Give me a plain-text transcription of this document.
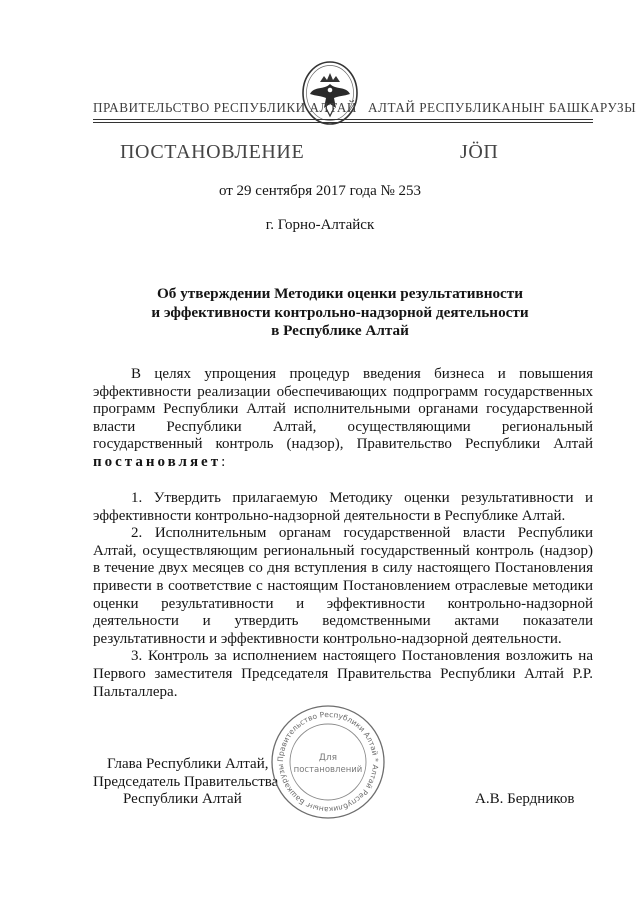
ПРАВИТЕЛЬСТВО РЕСПУБЛИКИ АЛТАЙ АЛТАЙ РЕСПУБЛИКАНЫҤ БАШКАРУЗЫ
ПОСТАНОВЛЕНИЕ	JӦП
от 29 сентября 2017 года № 253
г. Горно-Алтайск
Об утверждении Методики оценки результативности
и эффективности контрольно-надзорной деятельности
в Республике Алтай

В целях упрощения процедур введения бизнеса и повышения эффективности реализации обеспечивающих подпрограмм государственных программ Республики Алтай исполнительными органами государственной власти Республики Алтай, осуществляющими региональный государственный контроль (надзор), Правительство Республики Алтай постановляет:

1. Утвердить прилагаемую Методику оценки результативности и эффективности контрольно-надзорной деятельности в Республике Алтай.

2. Исполнительным органам государственной власти Республики Алтай, осуществляющим региональный государственный контроль (надзор) в течение двух месяцев со дня вступления в силу настоящего Постановления привести в соответствие с настоящим Постановлением отраслевые методики оценки результативности и эффективности контрольно-надзорной деятельности и утвердить ведомственными актами показатели результативности и эффективности контрольно-надзорной деятельности.

3. Контроль за исполнением настоящего Постановления возложить на Первого заместителя Председателя Правительства Республики Алтай Р.Р. Пальталлера.

Глава Республики Алтай,
Председатель Правительства
Республики Алтай	А.В. Бердников
Правительство Республики Алтай * Алтай Республиканыҥ Башкарузы
Для
постановлений
